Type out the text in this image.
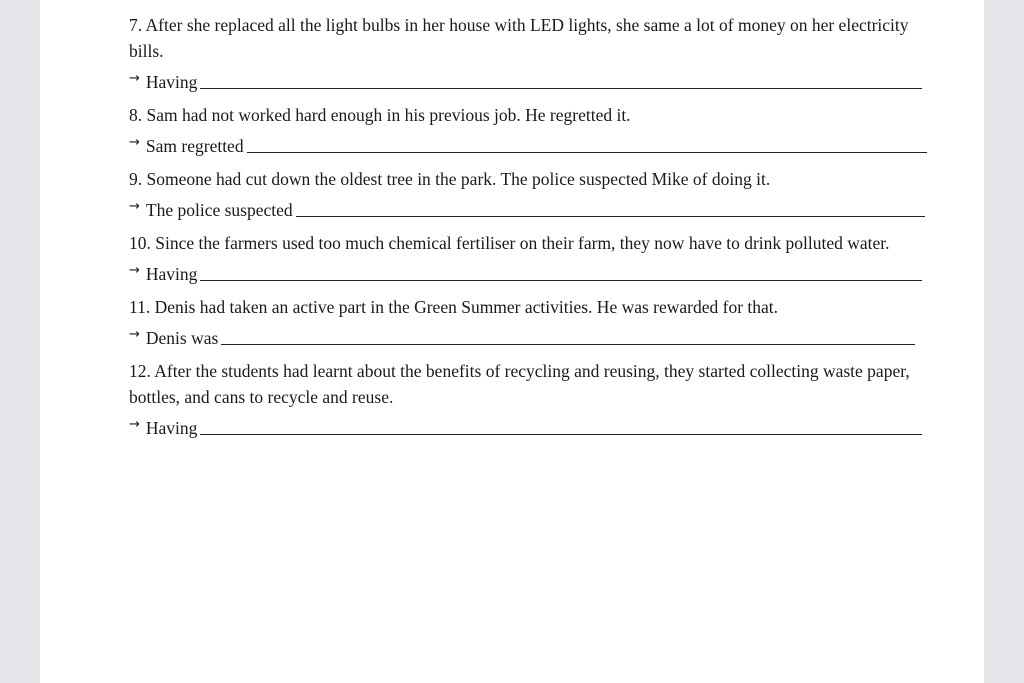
7. After she replaced all the light bulbs in her house with LED lights, she same a lot of money on her electricity bills.

→ Having

8. Sam had not worked hard enough in his previous job. He regretted it.

→ Sam regretted

9. Someone had cut down the oldest tree in the park. The police suspected Mike of doing it.

→ The police suspected

10. Since the farmers used too much chemical fertiliser on their farm, they now have to drink polluted water.

→ Having

11. Denis had taken an active part in the Green Summer activities. He was rewarded for that.

→ Denis was

12. After the students had learnt about the benefits of recycling and reusing, they started collecting waste paper, bottles, and cans to recycle and reuse.

→ Having
